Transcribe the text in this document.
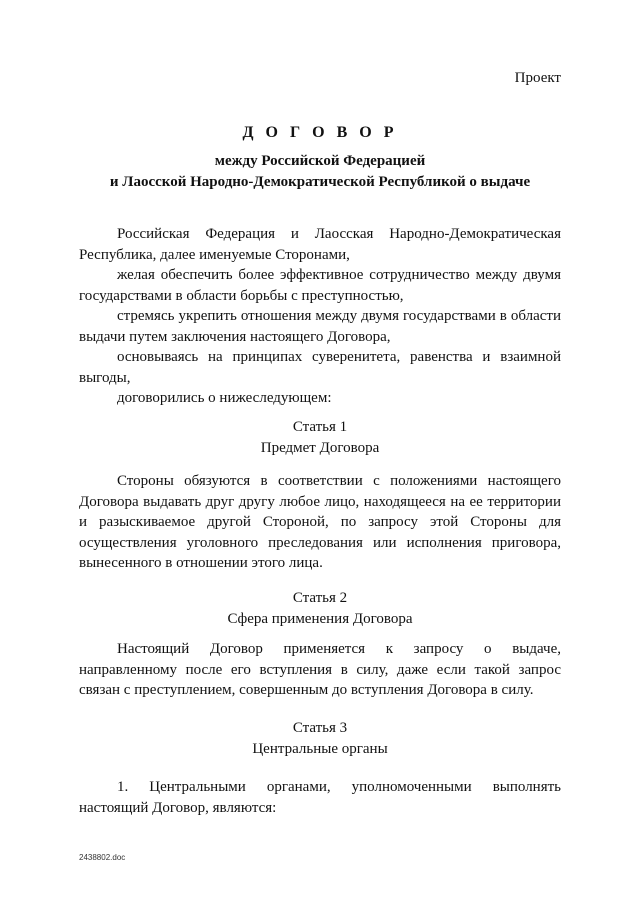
Проект
Д О Г О В О Р
между Российской Федерацией
и Лаосской Народно-Демократической Республикой о выдаче

Российская Федерация и Лаосская Народно-Демократическая Республика, далее именуемые Сторонами,

желая обеспечить более эффективное сотрудничество между двумя государствами в области борьбы с преступностью,

стремясь укрепить отношения между двумя государствами в области выдачи путем заключения настоящего Договора,

основываясь на принципах суверенитета, равенства и взаимной выгоды,

договорились о нижеследующем:

Статья 1

Предмет Договора

Стороны обязуются в соответствии с положениями настоящего Договора выдавать друг другу любое лицо, находящееся на ее территории и разыскиваемое другой Стороной, по запросу этой Стороны для осуществления уголовного преследования или исполнения приговора, вынесенного в отношении этого лица.

Статья 2

Сфера применения Договора

Настоящий Договор применяется к запросу о выдаче, направленному после его вступления в силу, даже если такой запрос связан с преступлением, совершенным до вступления Договора в силу.

Статья 3

Центральные органы

1. Центральными органами, уполномоченными выполнять настоящий Договор, являются:

2438802.doc
